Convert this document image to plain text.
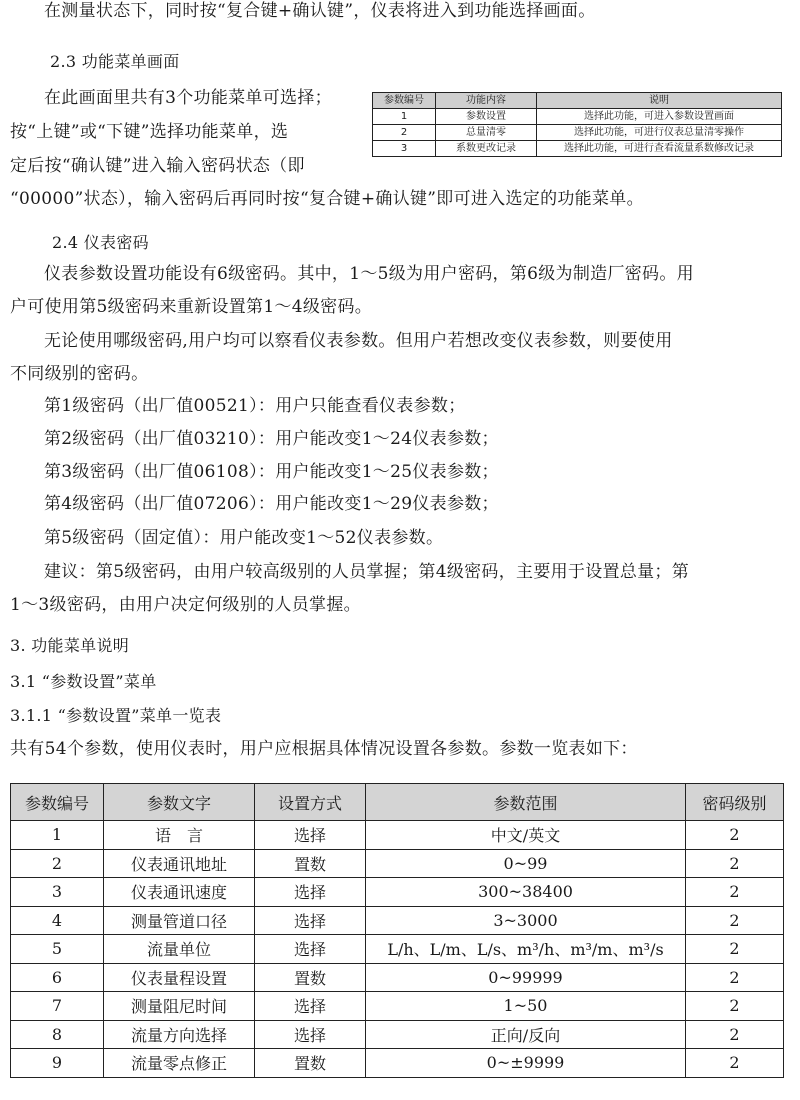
在测量状态下，同时按“复合键+确认键”，仪表将进入到功能选择画面。
2.3 功能菜单画面
在此画面里共有3个功能菜单可选择；
按“上键”或“下键”选择功能菜单，选
定后按“确认键”进入输入密码状态（即
“00000”状态），输入密码后再同时按“复合键+确认键”即可进入选定的功能菜单。
参数编号	功能内容	说明
1	参数设置	选择此功能，可进入参数设置画面
2	总量清零	选择此功能，可进行仪表总量清零操作
3	系数更改记录	选择此功能，可进行查看流量系数修改记录
2.4 仪表密码
仪表参数设置功能设有6级密码。其中，1～5级为用户密码，第6级为制造厂密码。用
户可使用第5级密码来重新设置第1～4级密码。
无论使用哪级密码,用户均可以察看仪表参数。但用户若想改变仪表参数，则要使用
不同级别的密码。
第1级密码（出厂值00521）：用户只能查看仪表参数；
第2级密码（出厂值03210）：用户能改变1～24仪表参数；
第3级密码（出厂值06108）：用户能改变1～25仪表参数；
第4级密码（出厂值07206）：用户能改变1～29仪表参数；
第5级密码（固定值）：用户能改变1～52仪表参数。
建议：第5级密码，由用户较高级别的人员掌握；第4级密码，主要用于设置总量；第
1～3级密码，由用户决定何级别的人员掌握。
3. 功能菜单说明
3.1 “参数设置”菜单
3.1.1 “参数设置”菜单一览表
共有54个参数，使用仪表时，用户应根据具体情况设置各参数。参数一览表如下：
参数编号	参数文字	设置方式	参数范围	密码级别
1	语　言	选择	中文/英文	2
2	仪表通讯地址	置数	0~99	2
3	仪表通讯速度	选择	300~38400	2
4	测量管道口径	选择	3~3000	2
5	流量单位	选择	L/h、L/m、L/s、m³/h、m³/m、m³/s	2
6	仪表量程设置	置数	0~99999	2
7	测量阻尼时间	选择	1~50	2
8	流量方向选择	选择	正向/反向	2
9	流量零点修正	置数	0~±9999	2
